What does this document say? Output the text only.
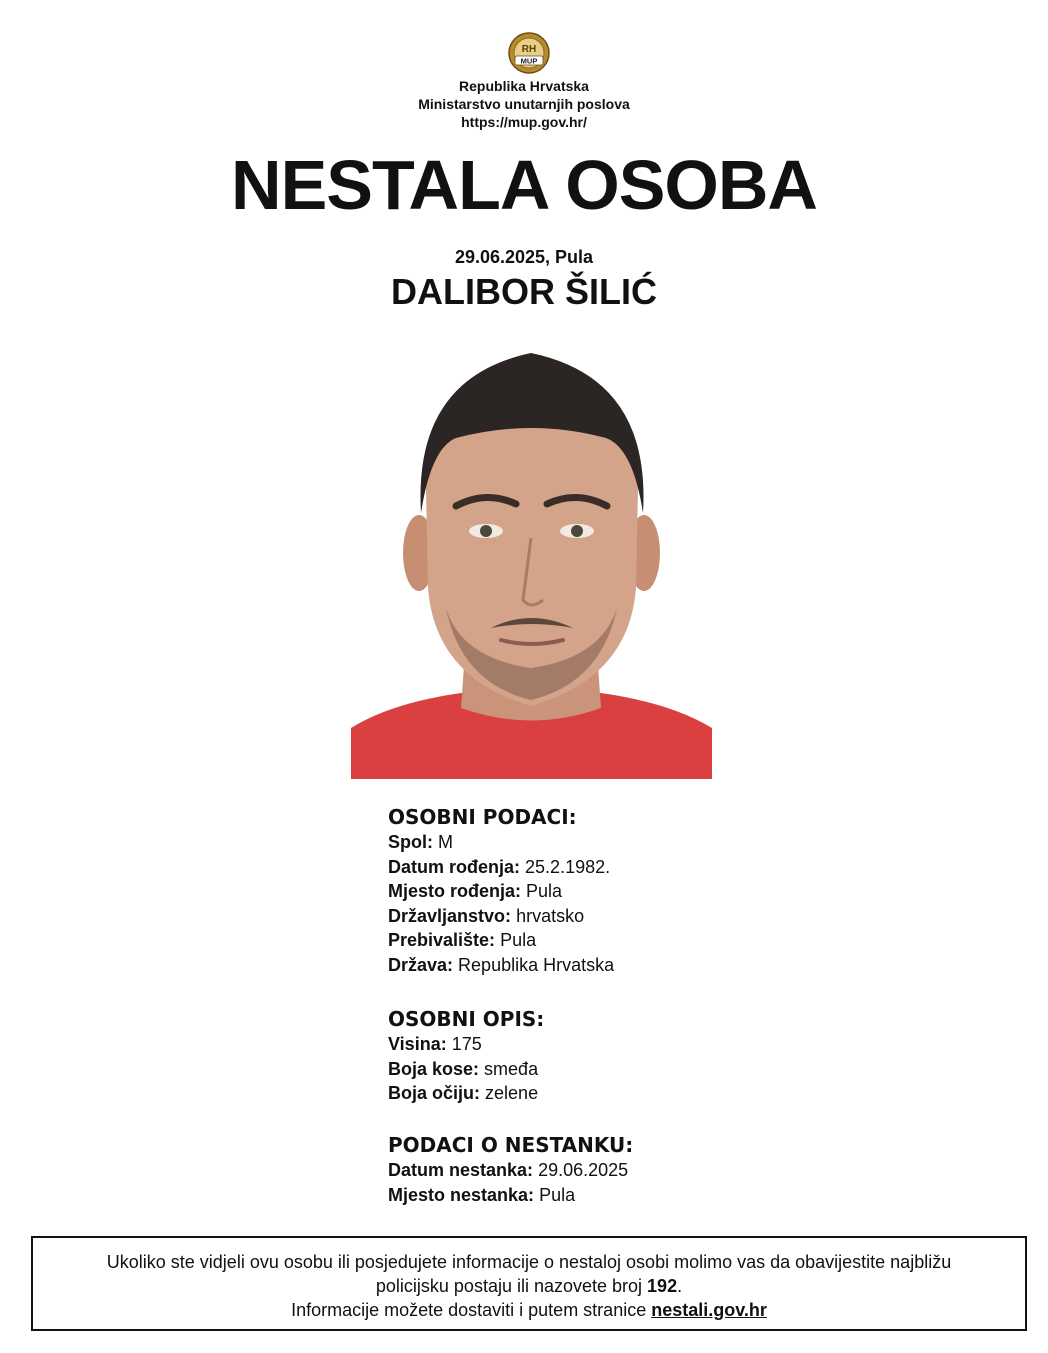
RH
MUP
Republika Hrvatska
Ministarstvo unutarnjih poslova
https://mup.gov.hr/
NESTALA OSOBA
29.06.2025, Pula
DALIBOR ŠILIĆ
OSOBNI PODACI:
Spol: M
Datum rođenja: 25.2.1982.
Mjesto rođenja: Pula
Državljanstvo: hrvatsko
Prebivalište: Pula
Država: Republika Hrvatska
OSOBNI OPIS:
Visina: 175
Boja kose: smeđa
Boja očiju: zelene
PODACI O NESTANKU:
Datum nestanka: 29.06.2025
Mjesto nestanka: Pula
Ukoliko ste vidjeli ovu osobu ili posjedujete informacije o nestaloj osobi molimo vas da obavijestite najbližu
policijsku postaju ili nazovete broj 192.
Informacije možete dostaviti i putem stranice nestali.gov.hr
